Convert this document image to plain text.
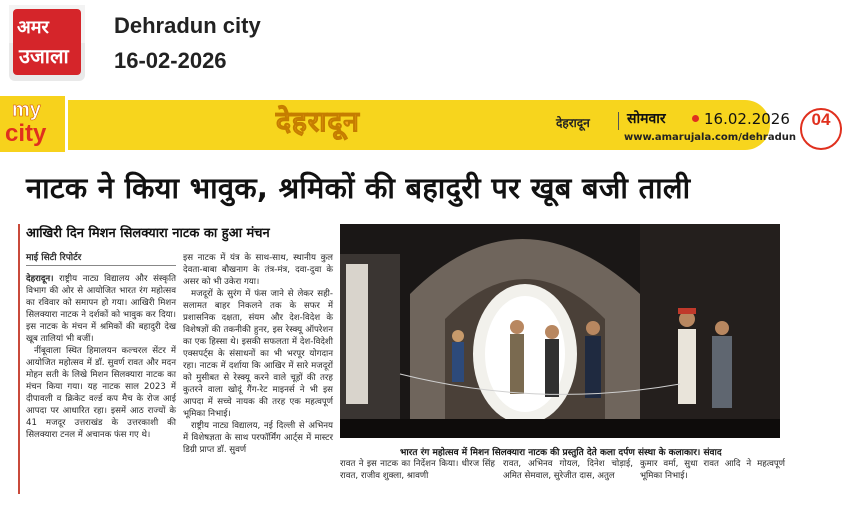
अमर
उजाला
Dehradun city
16-02-2026
my
city	देहरादून	देहरादून	सोमवार	16.02.2026
www.amarujala.com/dehradun
04
नाटक ने किया भावुक, श्रमिकों की बहादुरी पर खूब बजी ताली
आखिरी दिन मिशन सिलक्यारा नाटक का हुआ मंचन
माई सिटी रिपोर्टर

देहरादून। राष्ट्रीय नाट्य विद्यालय और संस्कृति विभाग की ओर से आयोजित भारत रंग महोत्सव का रविवार को समापन हो गया। आखिरी मिशन सिलक्यारा नाटक ने दर्शकों को भावुक कर दिया। इस नाटक के मंचन में श्रमिकों की बहादुरी देख खूब तालियां भी बजीं।

नींबूवाला स्थित हिमालयन कल्चरल सेंटर में आयोजित महोत्सव में डॉ. सुवर्ण रावत और मदन मोहन सती के लिखे मिशन सिलक्यारा नाटक का मंचन किया गया। यह नाटक साल 2023 में दीपावली व क्रिकेट वर्ल्ड कप मैच के रोज आई आपदा पर आधारित रहा। इसमें आठ राज्यों के 41 मजदूर उत्तराखंड के उत्तरकाशी की सिलक्यारा टनल में अचानक फंस गए थे।

इस नाटक में यंत्र के साथ-साथ, स्थानीय कुल देवता-बाबा बौखनाग के तंत्र-मंत्र, दवा-दुवा के असर को भी उकेरा गया।

मजदूरों के सुरंग में फंस जाने से लेकर सही-सलामत बाहर निकलने तक के सफर में प्रशासनिक दक्षता, संयम और देश-विदेश के विशेषज्ञों की तकनीकी हुनर, इस रेस्क्यू ऑपरेशन का एक हिस्सा थे। इसकी सफलता में देश-विदेशी एक्सपर्ट्स के संसाधनों का भी भरपूर योगदान रहा। नाटक में दर्शाया कि आखिर में सारे मजदूरों को मुसीबत से रेस्क्यू करने वाले चूहों की तरह कुतरने वाला खोदूं गैंग-रेट माइनर्स ने भी इस आपदा में सच्चे नायक की तरह एक महत्वपूर्ण भूमिका निभाई।

राष्ट्रीय नाट्य विद्यालय, नई दिल्ली से अभिनय में विशेषज्ञता के साथ परफॉर्मिंग आर्ट्स में मास्टर डिग्री प्राप्त डॉ. सुवर्ण	भारत रंग महोत्सव में मिशन सिलक्यारा नाटक की प्रस्तुति देते कला दर्पण संस्था के कलाकार। संवाद
रावत ने इस नाटक का निर्देशन किया। धीरज सिंह रावत, राजीव शुक्ला, श्रावणी
रावत, अभिनव गोयल, दिनेश चोड़ाई, अमित सेमवाल, सुरेजीत दास, अतुल
कुमार वर्मा, सुधा रावत आदि ने महत्वपूर्ण भूमिका निभाई।
